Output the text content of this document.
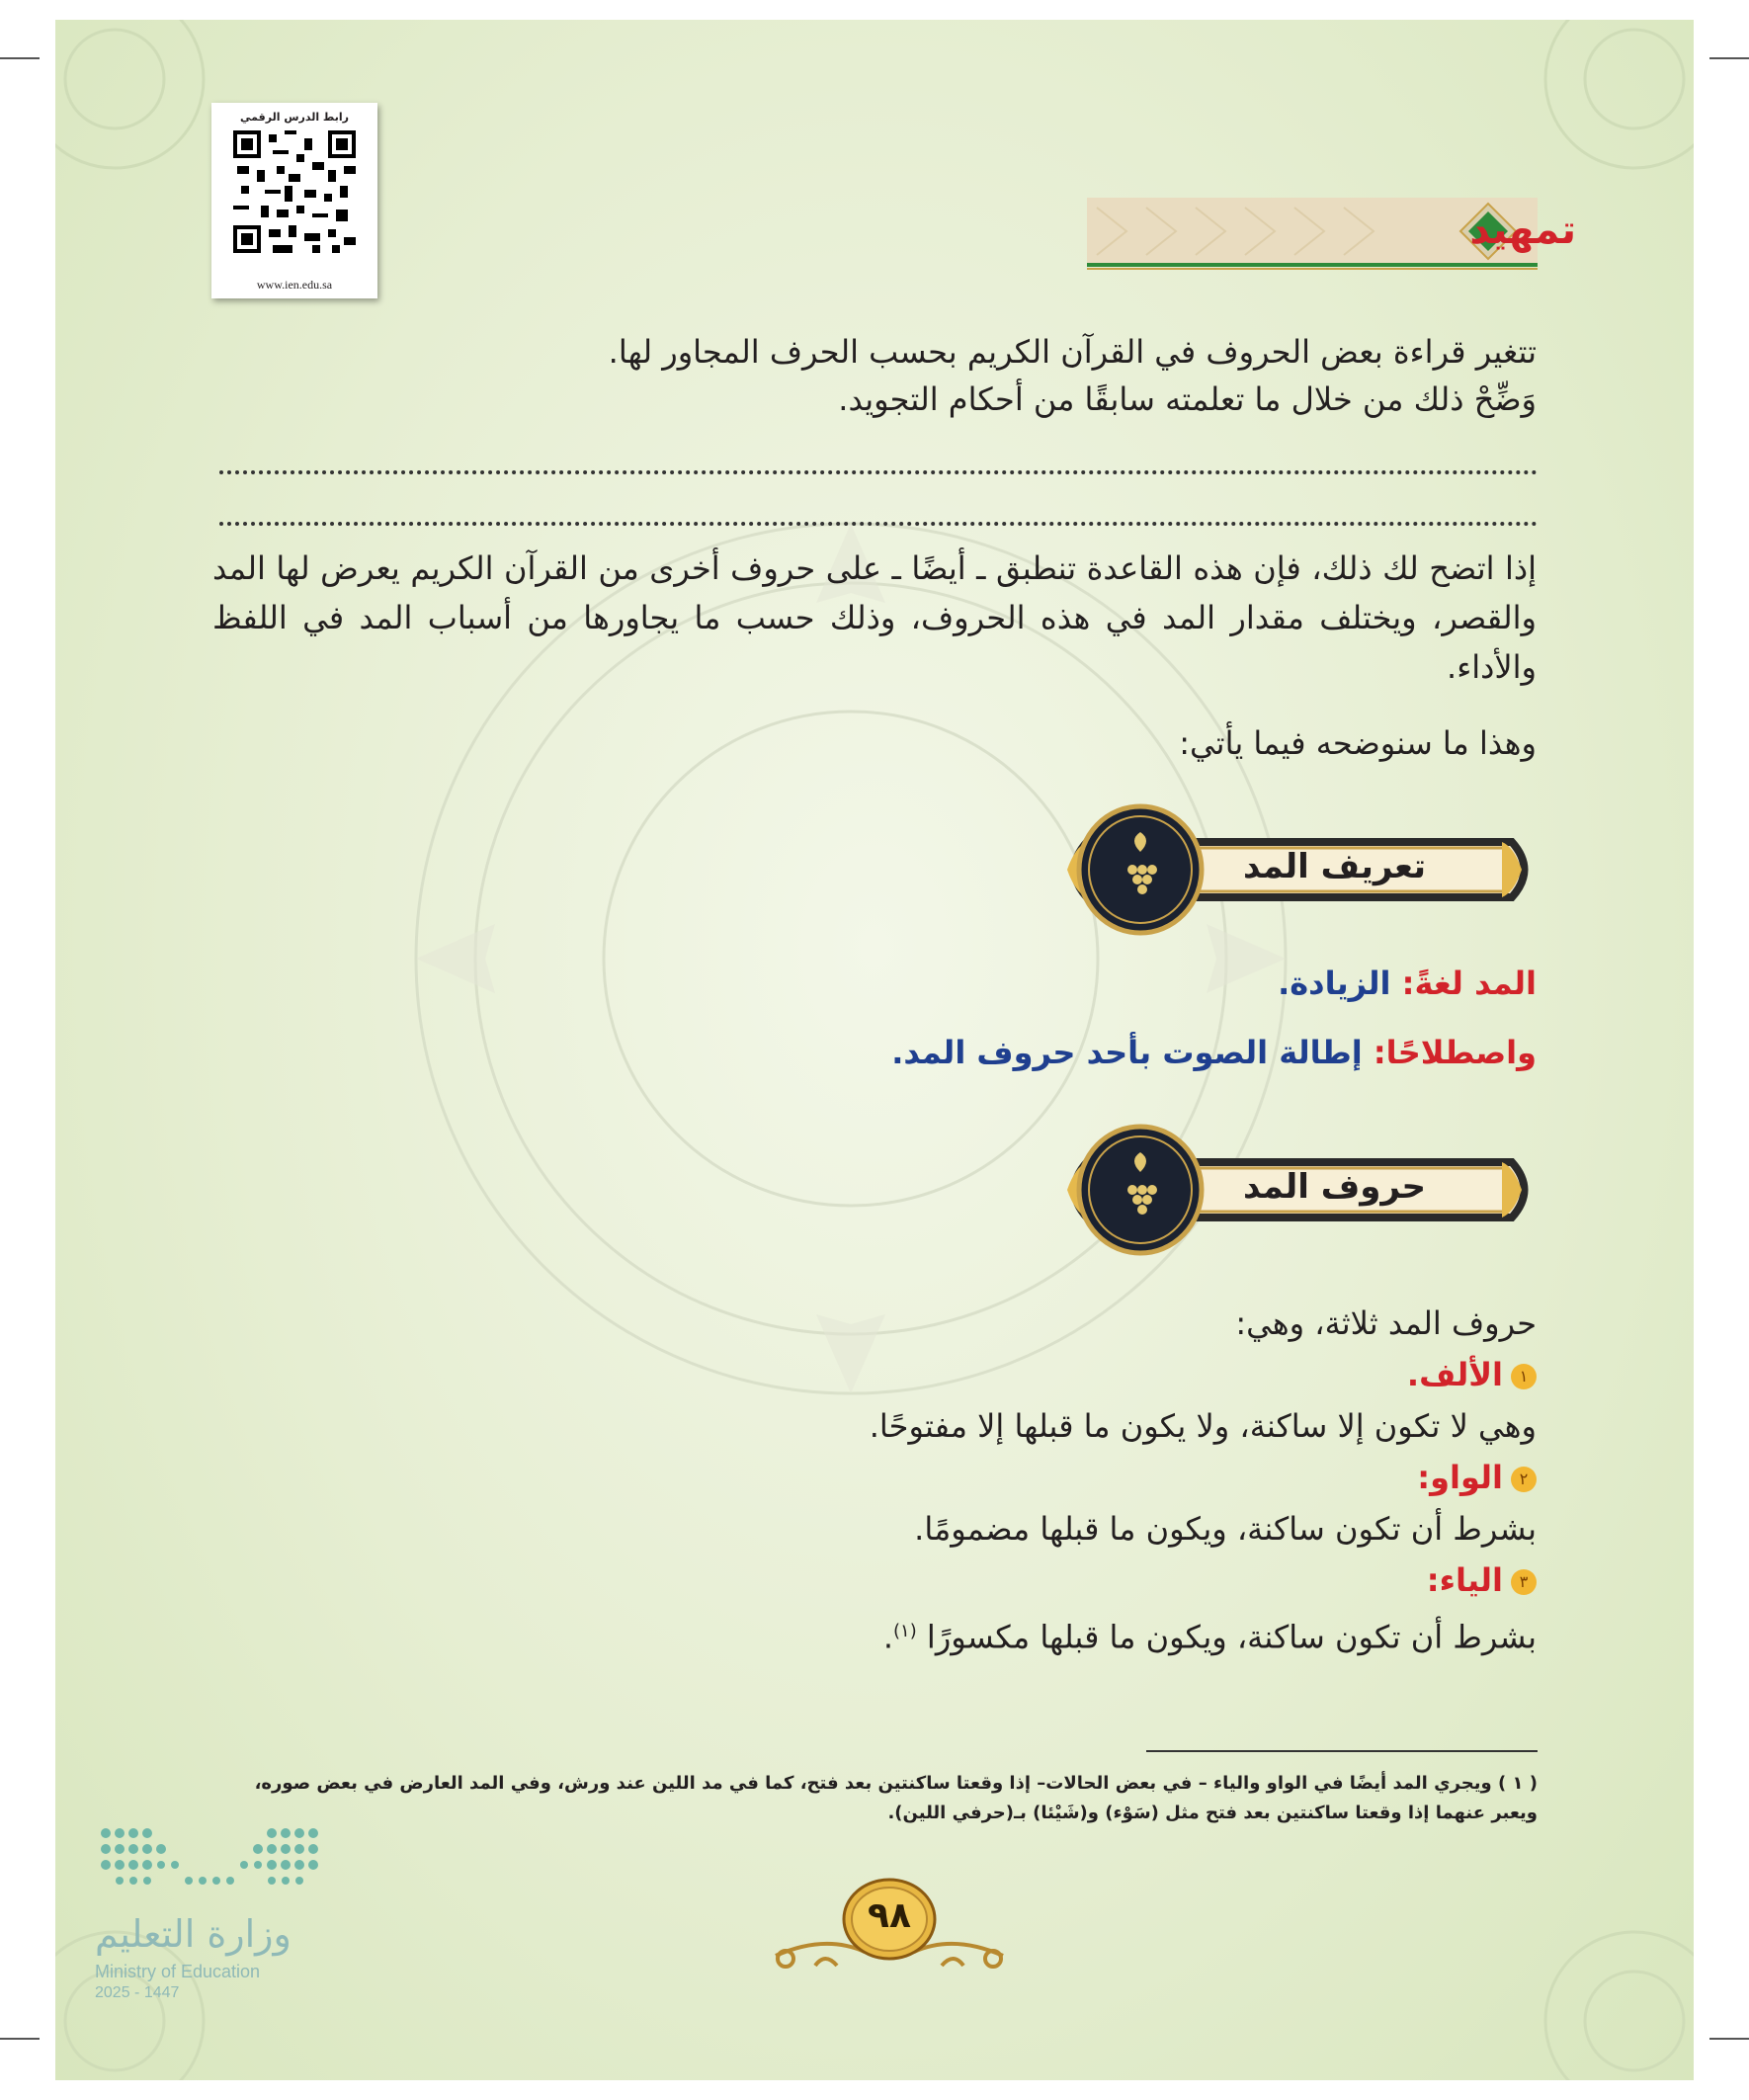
رابط الدرس الرقمي
www.ien.edu.sa
تمهيد
تتغير قراءة بعض الحروف في القرآن الكريم بحسب الحرف المجاور لها.
وَضِّحْ ذلك من خلال ما تعلمته سابقًا من أحكام التجويد.
إذا اتضح لك ذلك، فإن هذه القاعدة تنطبق ـ أيضًا ـ على حروف أخرى من القرآن الكريم يعرض لها المد والقصر، ويختلف مقدار المد في هذه الحروف، وذلك حسب ما يجاورها من أسباب المد في اللفظ والأداء.
وهذا ما سنوضحه فيما يأتي:
تعريف المد
المد لغةً: الزيادة.
واصطلاحًا: إطالة الصوت بأحد حروف المد.
حروف المد
حروف المد ثلاثة، وهي:
١الألف.
وهي لا تكون إلا ساكنة، ولا يكون ما قبلها إلا مفتوحًا.
٢الواو:
بشرط أن تكون ساكنة، ويكون ما قبلها مضمومًا.
٣الياء:
بشرط أن تكون ساكنة، ويكون ما قبلها مكسورًا $^{(١)}$.
( ١ ) ويجري المد أيضًا في الواو والياء – في بعض الحالات– إذا وقعتا ساكنتين بعد فتح، كما في مد اللين عند ورش، وفي المد العارض في بعض صوره، ويعبر عنهما إذا وقعتا ساكنتين بعد فتح مثل (سَوْء) و(شَيْئا) بـ(حرفي اللين).
وزارة التعليم
Ministry of Education
2025 - 1447
٩٨
